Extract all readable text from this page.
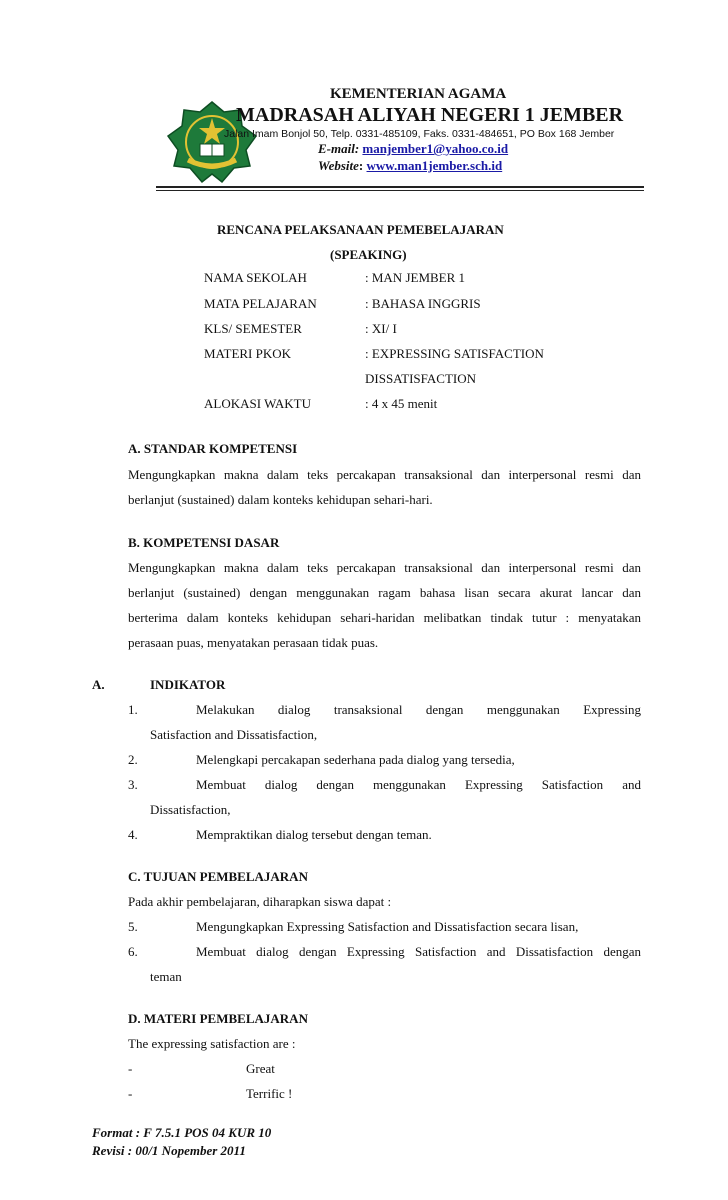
KEMENTERIAN AGAMA
MADRASAH ALIYAH NEGERI 1 JEMBER
Jalan Imam Bonjol 50, Telp. 0331-485109, Faks. 0331-484651, PO Box 168 Jember
E-mail: manjember1@yahoo.co.id
Website: www.man1jember.sch.id
RENCANA PELAKSANAAN PEMEBELAJARAN
(SPEAKING)
NAMA SEKOLAH	: MAN JEMBER 1
MATA PELAJARAN	: BAHASA INGGRIS
KLS/ SEMESTER	: XI/ I
MATERI PKOK	: EXPRESSING SATISFACTION
DISSATISFACTION
ALOKASI WAKTU	: 4 x 45 menit
A. STANDAR KOMPETENSI
Mengungkapkan makna dalam teks percakapan transaksional dan interpersonal resmi dan
berlanjut (sustained) dalam konteks kehidupan sehari-hari.
B. KOMPETENSI DASAR
Mengungkapkan makna dalam teks percakapan transaksional dan interpersonal resmi dan
berlanjut (sustained) dengan menggunakan ragam bahasa lisan secara akurat lancar dan
berterima dalam konteks kehidupan sehari-haridan melibatkan tindak tutur : menyatakan
perasaan puas, menyatakan perasaan tidak puas.
A.	INDIKATOR
1.	Melakukan dialog transaksional dengan menggunakan Expressing
Satisfaction and Dissatisfaction,
2.	Melengkapi percakapan sederhana pada dialog yang tersedia,
3.	Membuat dialog dengan menggunakan Expressing Satisfaction and
Dissatisfaction,
4.	Mempraktikan dialog tersebut dengan teman.
C. TUJUAN PEMBELAJARAN
Pada akhir pembelajaran, diharapkan siswa dapat :
5.	Mengungkapkan Expressing Satisfaction and Dissatisfaction secara lisan,
6.	Membuat dialog dengan Expressing Satisfaction and Dissatisfaction dengan
teman
D. MATERI PEMBELAJARAN
The expressing satisfaction are :
-	Great
-	Terrific !
Format : F 7.5.1 POS 04 KUR 10
Revisi : 00/1 Nopember 2011
